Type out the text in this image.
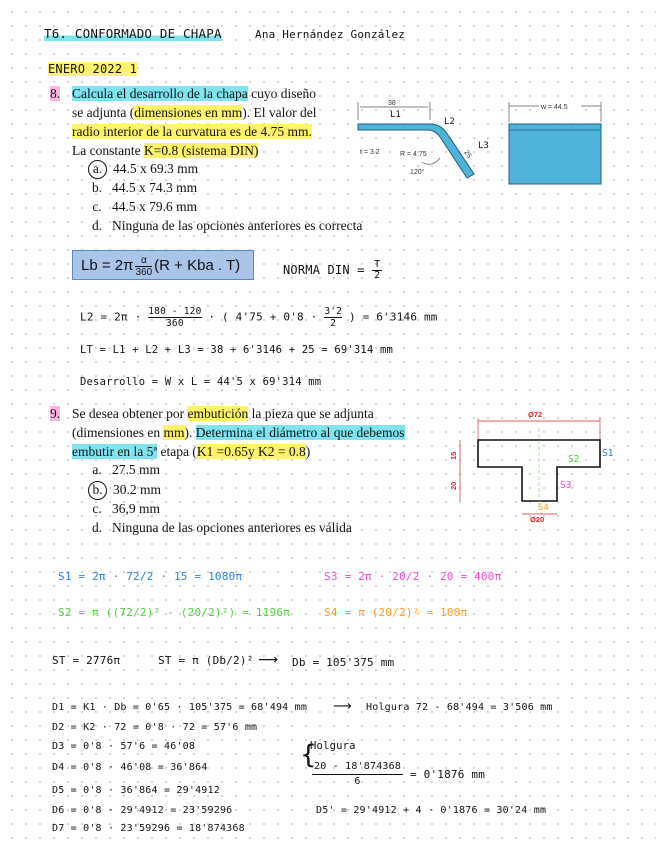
T6. CONFORMADO DE CHAPA	Ana Hernández González
ENERO 2022 1
8. Calcula el desarrollo de la chapa cuyo diseño
se adjunta (dimensiones en mm). El valor del
radio interior de la curvatura es de 4.75 mm.
La constante K=0.8 (sistema DIN)
a. 44.5 x 69.3 mm
b. 44.5 x 74.3 mm
c. 44.5 x 79.6 mm
d. Ninguna de las opciones anteriores es correcta
38
L1
L2
L3
25
t = 3.2	R = 4.75
120°
w = 44.5
$Lb = 2\pi \frac{\alpha}{360} (R$ + Kba . T)	NORMA DIN = $\frac{T}{2}$
$L2 = 2\pi \cdot \frac{180 - 120}{360}$ · ( $4'75 + 0'8 \cdot \frac{3'2}{2}$ ) = 6'3146 mm
LT = L1 + L2 + L3 = 38 + 6'3146 + 25 = 69'314 mm
Desarrollo = W x L = 44'5 x 69'314 mm
9. Se desea obtener por embutición la pieza que se adjunta
(dimensiones en mm). Determina el diámetro al que debemos
embutir en la 5ª etapa (K1 =0.65y K2 = 0.8)
a. 27.5 mm
b. 30.2 mm
c. 36,9 mm
d. Ninguna de las opciones anteriores es válida
Ø72
15
20
Ø20
S1
S2
S3
S4
S1 = 2π · 72/2 · 15 = 1080π	S3 = 2π · 20/2 · 20 = 400π
S2 = π ((72/2)² - (20/2)²) = 1196π	S4 = π (20/2)² = 100π
ST = 2776π	ST = π (Db/2)² ⟶ Db = 105'375 mm
D1 = K1 · Db = 0'65 · 105'375 = 68'494 mm ⟶ Holgura 72 - 68'494 = 3'506 mm
D2 = K2 · 72 = 0'8 · 72 = 57'6 mm
D3 = 0'8 · 57'6 = 46'08
D4 = 0'8 · 46'08 = 36'864
D5 = 0'8 · 36'864 = 29'4912
D6 = 0'8 · 29'4912 = 23'59296
D7 = 0'8 · 23'59296 = 18'874368
{
Holgura
20 - 18'874368
6
= 0'1876 mm
D5' = 29'4912 + 4 · 0'1876 = 30'24 mm
